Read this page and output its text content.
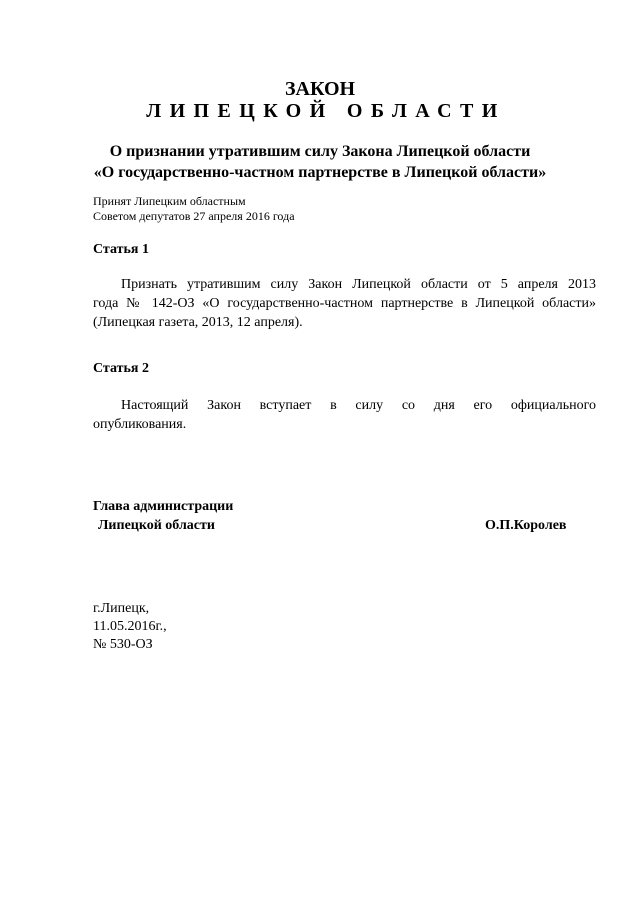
ЗАКОН
ЛИПЕЦКОЙ ОБЛАСТИ
О признании утратившим силу Закона Липецкой области
«О государственно-частном партнерстве в Липецкой области»
Принят Липецким областным
Советом депутатов 27 апреля 2016 года
Статья 1
Признать утратившим силу Закон Липецкой области от 5 апреля 2013
года № 142-ОЗ «О государственно-частном партнерстве в Липецкой области»
(Липецкая газета, 2013, 12 апреля).
Статья 2
Настоящий Закон вступает в силу со дня его официального
опубликования.
Глава администрации
Липецкой области	О.П.Королев
г.Липецк,
11.05.2016г.,
№ 530-ОЗ
